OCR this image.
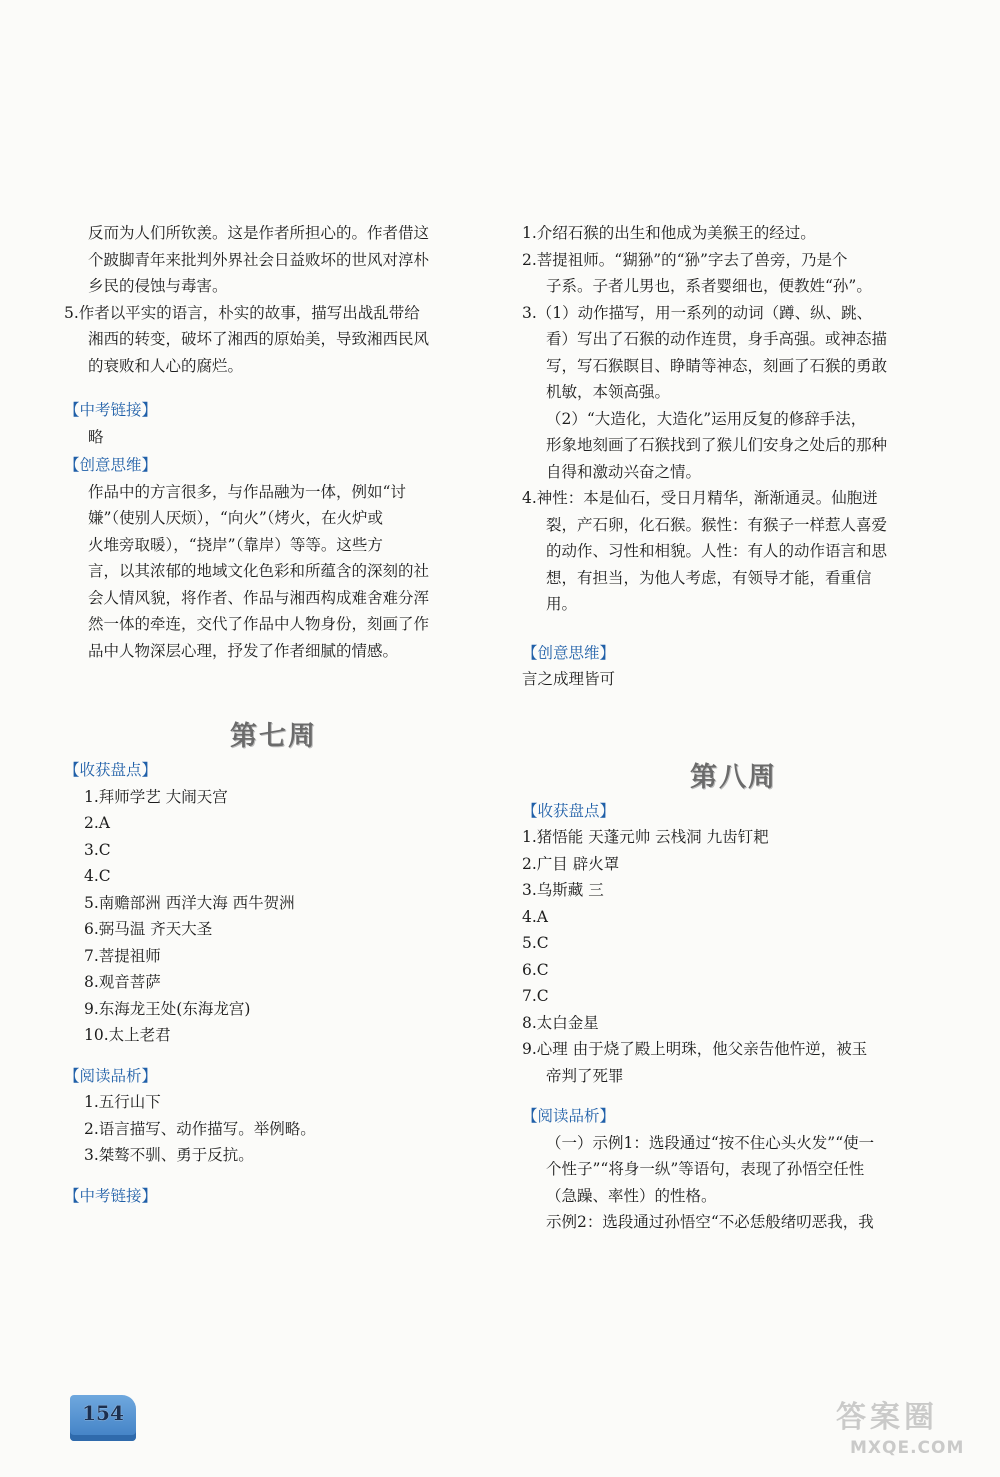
反而为人们所钦羡。这是作者所担心的。作者借这
个跛脚青年来批判外界社会日益败坏的世风对淳朴
乡民的侵蚀与毒害。
5.作者以平实的语言，朴实的故事，描写出战乱带给
湘西的转变，破坏了湘西的原始美，导致湘西民风
的衰败和人心的腐烂。
【中考链接】
略
【创意思维】
作品中的方言很多，与作品融为一体，例如“讨
嫌”（使别人厌烦），“向火”（烤火，在火炉或
火堆旁取暖），“挠岸”（靠岸）等等。这些方
言，以其浓郁的地域文化色彩和所蕴含的深刻的社
会人情风貌，将作者、作品与湘西构成难舍难分浑
然一体的牵连，交代了作品中人物身份，刻画了作
品中人物深层心理，抒发了作者细腻的情感。
第七周
【收获盘点】
1.拜师学艺 大闹天宫
2.A
3.C
4.C
5.南赡部洲 西洋大海 西牛贺洲
6.弼马温 齐天大圣
7.菩提祖师
8.观音菩萨
9.东海龙王处(东海龙宫)
10.太上老君
【阅读品析】
1.五行山下
2.语言描写、动作描写。举例略。
3.桀骜不驯、勇于反抗。
【中考链接】
1.介绍石猴的出生和他成为美猴王的经过。
2.菩提祖师。“猢狲”的“狲”字去了兽旁，乃是个
子系。子者儿男也，系者婴细也，便教姓“孙”。
3.（1）动作描写，用一系列的动词（蹲、纵、跳、
看）写出了石猴的动作连贯，身手高强。或神态描
写，写石猴瞑目、睁睛等神态，刻画了石猴的勇敢
机敏，本领高强。
（2）“大造化，大造化”运用反复的修辞手法，
形象地刻画了石猴找到了猴儿们安身之处后的那种
自得和激动兴奋之情。
4.神性：本是仙石，受日月精华，渐渐通灵。仙胞迸
裂，产石卵，化石猴。猴性：有猴子一样惹人喜爱
的动作、习性和相貌。人性：有人的动作语言和思
想，有担当，为他人考虑，有领导才能，看重信
用。
【创意思维】
言之成理皆可
第八周
【收获盘点】
1.猪悟能 天蓬元帅 云栈洞 九齿钉耙
2.广目 辟火罩
3.乌斯藏 三
4.A
5.C
6.C
7.C
8.太白金星
9.心理 由于烧了殿上明珠，他父亲告他忤逆，被玉
帝判了死罪
【阅读品析】
（一）示例1：选段通过“按不住心头火发”“使一
个性子”“将身一纵”等语句，表现了孙悟空任性
（急躁、率性）的性格。
示例2：选段通过孙悟空“不必恁般绪叨恶我，我
154	答案圈
MXQE.COM
